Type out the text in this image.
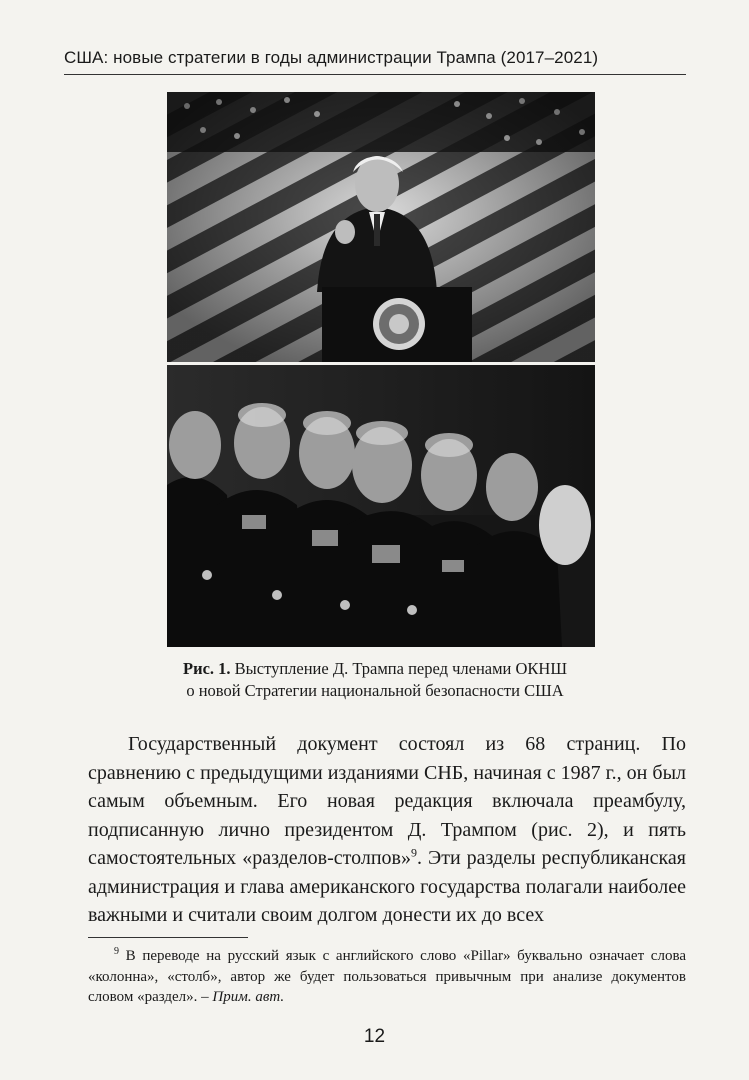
США: новые стратегии в годы администрации Трампа (2017–2021)
Рис. 1. Выступление Д. Трампа перед членами ОКНШ
о новой Стратегии национальной безопасности США

Государственный документ состоял из 68 страниц. По сравнению с предыдущими изданиями СНБ, начиная с 1987 г., он был самым объемным. Его новая редакция включала преамбулу, подписанную лично президентом Д. Трампом (рис. 2), и пять самостоятельных «разделов-столпов»$^9$. Эти разделы республиканская администрация и глава американского государства полагали наиболее важными и считали своим долгом донести их до всех

$^9$ В переводе на русский язык с английского слово «Pillar» буквально означает слова «колонна», «столб», автор же будет пользоваться привычным при анализе документов словом «раздел». – Прим. авт.

12
